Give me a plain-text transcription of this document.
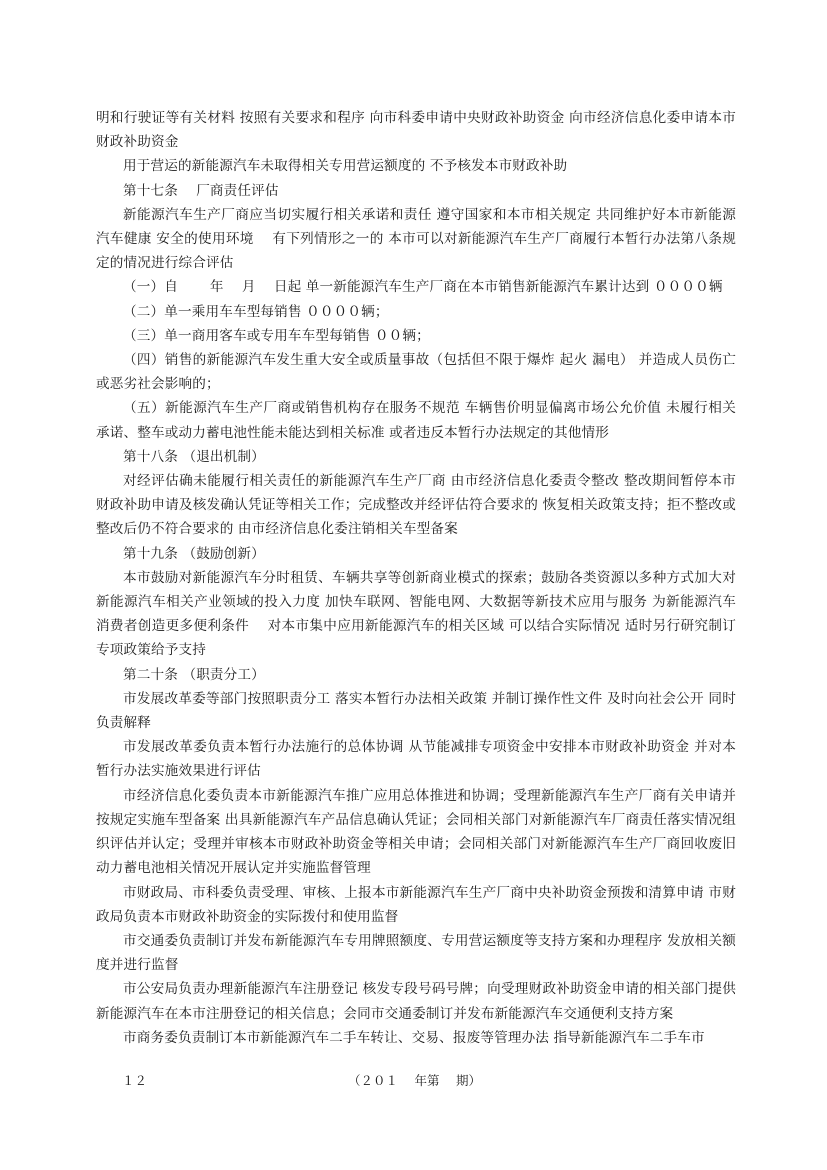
明和行驶证等有关材料 按照有关要求和程序 向市科委申请中央财政补助资金 向市经济信息化委申请本市财政补助资金

用于营运的新能源汽车未取得相关专用营运额度的 不予核发本市财政补助

第十七条　 厂商责任评估

新能源汽车生产厂商应当切实履行相关承诺和责任 遵守国家和本市相关规定 共同维护好本市新能源汽车健康 安全的使用环境 　有下列情形之一的 本市可以对新能源汽车生产厂商履行本暂行办法第八条规定的情况进行综合评估

（一）自 　　年 　月 　日起 单一新能源汽车生产厂商在本市销售新能源汽车累计达到 ００００辆

（二）单一乘用车车型每销售 ００００辆；

（三）单一商用客车或专用车车型每销售 ００辆；

（四）销售的新能源汽车发生重大安全或质量事故（包括但不限于爆炸 起火 漏电） 并造成人员伤亡或恶劣社会影响的；

（五）新能源汽车生产厂商或销售机构存在服务不规范 车辆售价明显偏离市场公允价值 未履行相关承诺、整车或动力蓄电池性能未能达到相关标准 或者违反本暂行办法规定的其他情形

第十八条 （退出机制）

对经评估确未能履行相关责任的新能源汽车生产厂商 由市经济信息化委责令整改 整改期间暂停本市财政补助申请及核发确认凭证等相关工作；完成整改并经评估符合要求的 恢复相关政策支持；拒不整改或整改后仍不符合要求的 由市经济信息化委注销相关车型备案

第十九条 （鼓励创新）

本市鼓励对新能源汽车分时租赁、车辆共享等创新商业模式的探索；鼓励各类资源以多种方式加大对新能源汽车相关产业领域的投入力度 加快车联网、智能电网、大数据等新技术应用与服务 为新能源汽车消费者创造更多便利条件 　对本市集中应用新能源汽车的相关区域 可以结合实际情况 适时另行研究制订专项政策给予支持

第二十条 （职责分工）

市发展改革委等部门按照职责分工 落实本暂行办法相关政策 并制订操作性文件 及时向社会公开 同时负责解释

市发展改革委负责本暂行办法施行的总体协调 从节能减排专项资金中安排本市财政补助资金 并对本暂行办法实施效果进行评估

市经济信息化委负责本市新能源汽车推广应用总体推进和协调；受理新能源汽车生产厂商有关申请并按规定实施车型备案 出具新能源汽车产品信息确认凭证；会同相关部门对新能源汽车厂商责任落实情况组织评估并认定；受理并审核本市财政补助资金等相关申请；会同相关部门对新能源汽车生产厂商回收废旧动力蓄电池相关情况开展认定并实施监督管理

市财政局、市科委负责受理、审核、上报本市新能源汽车生产厂商中央补助资金预拨和清算申请 市财政局负责本市财政补助资金的实际拨付和使用监督

市交通委负责制订并发布新能源汽车专用牌照额度、专用营运额度等支持方案和办理程序 发放相关额度并进行监督

市公安局负责办理新能源汽车注册登记 核发专段号码号牌；向受理财政补助资金申请的相关部门提供新能源汽车在本市注册登记的相关信息；会同市交通委制订并发布新能源汽车交通便利支持方案

市商务委负责制订本市新能源汽车二手车转让、交易、报废等管理办法 指导新能源汽车二手车市

１２	（２０１ 　年第 　期）
